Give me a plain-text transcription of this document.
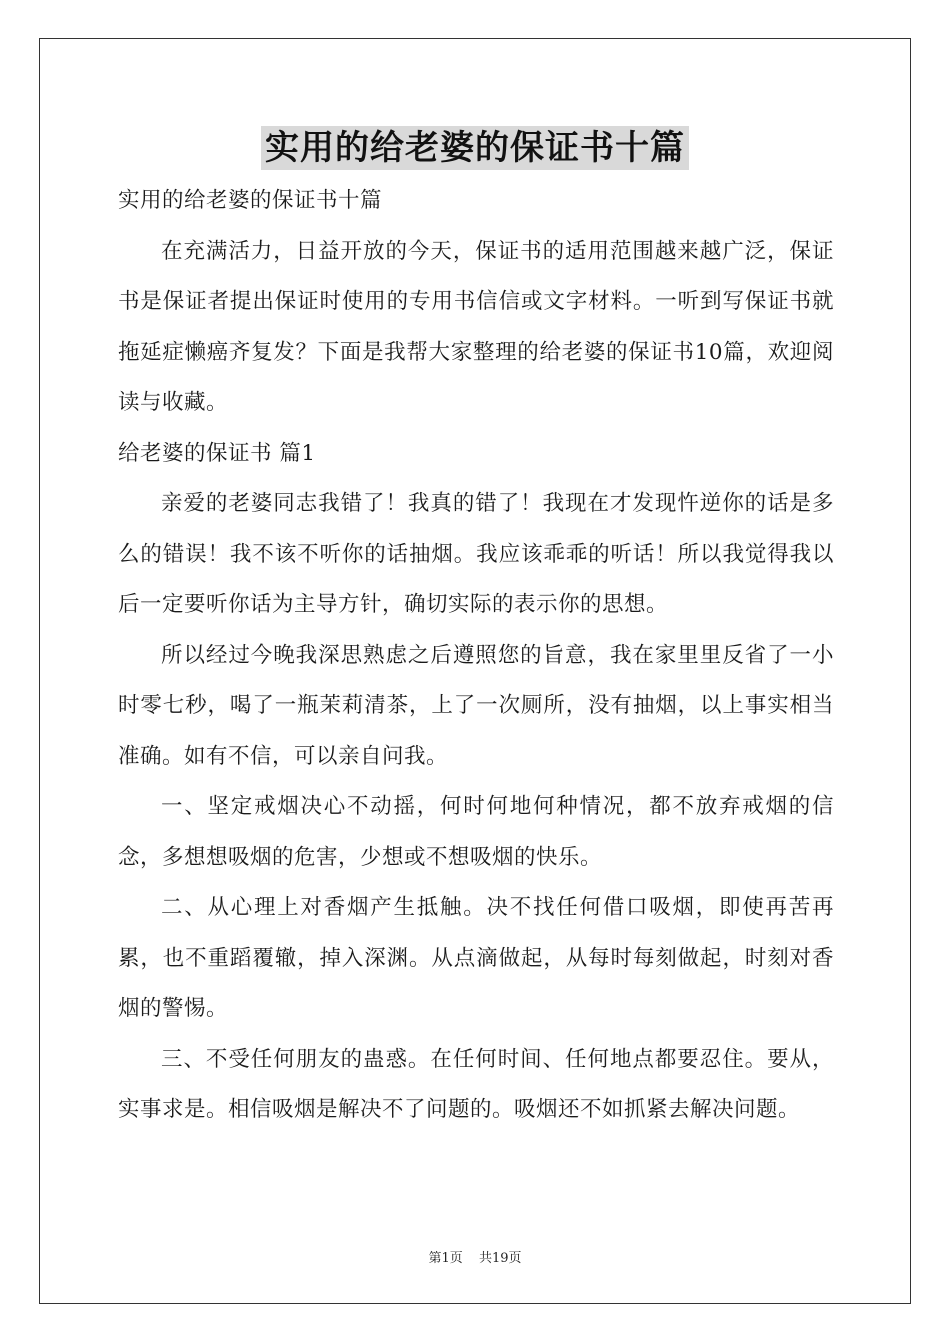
实用的给老婆的保证书十篇

实用的给老婆的保证书十篇

在充满活力，日益开放的今天，保证书的适用范围越来越广泛，保证书是保证者提出保证时使用的专用书信信或文字材料。一听到写保证书就拖延症懒癌齐复发？下面是我帮大家整理的给老婆的保证书10篇，欢迎阅读与收藏。

给老婆的保证书 篇1

亲爱的老婆同志我错了！我真的错了！我现在才发现忤逆你的话是多么的错误！我不该不听你的话抽烟。我应该乖乖的听话！所以我觉得我以后一定要听你话为主导方针，确切实际的表示你的思想。

所以经过今晚我深思熟虑之后遵照您的旨意，我在家里里反省了一小时零七秒，喝了一瓶茉莉清茶，上了一次厕所，没有抽烟，以上事实相当准确。如有不信，可以亲自问我。

一、坚定戒烟决心不动摇，何时何地何种情况，都不放弃戒烟的信念，多想想吸烟的危害，少想或不想吸烟的快乐。

二、从心理上对香烟产生抵触。决不找任何借口吸烟，即使再苦再累，也不重蹈覆辙，掉入深渊。从点滴做起，从每时每刻做起，时刻对香烟的警惕。

三、不受任何朋友的蛊惑。在任何时间、任何地点都要忍住。要从，实事求是。相信吸烟是解决不了问题的。吸烟还不如抓紧去解决问题。

第1页 共19页
